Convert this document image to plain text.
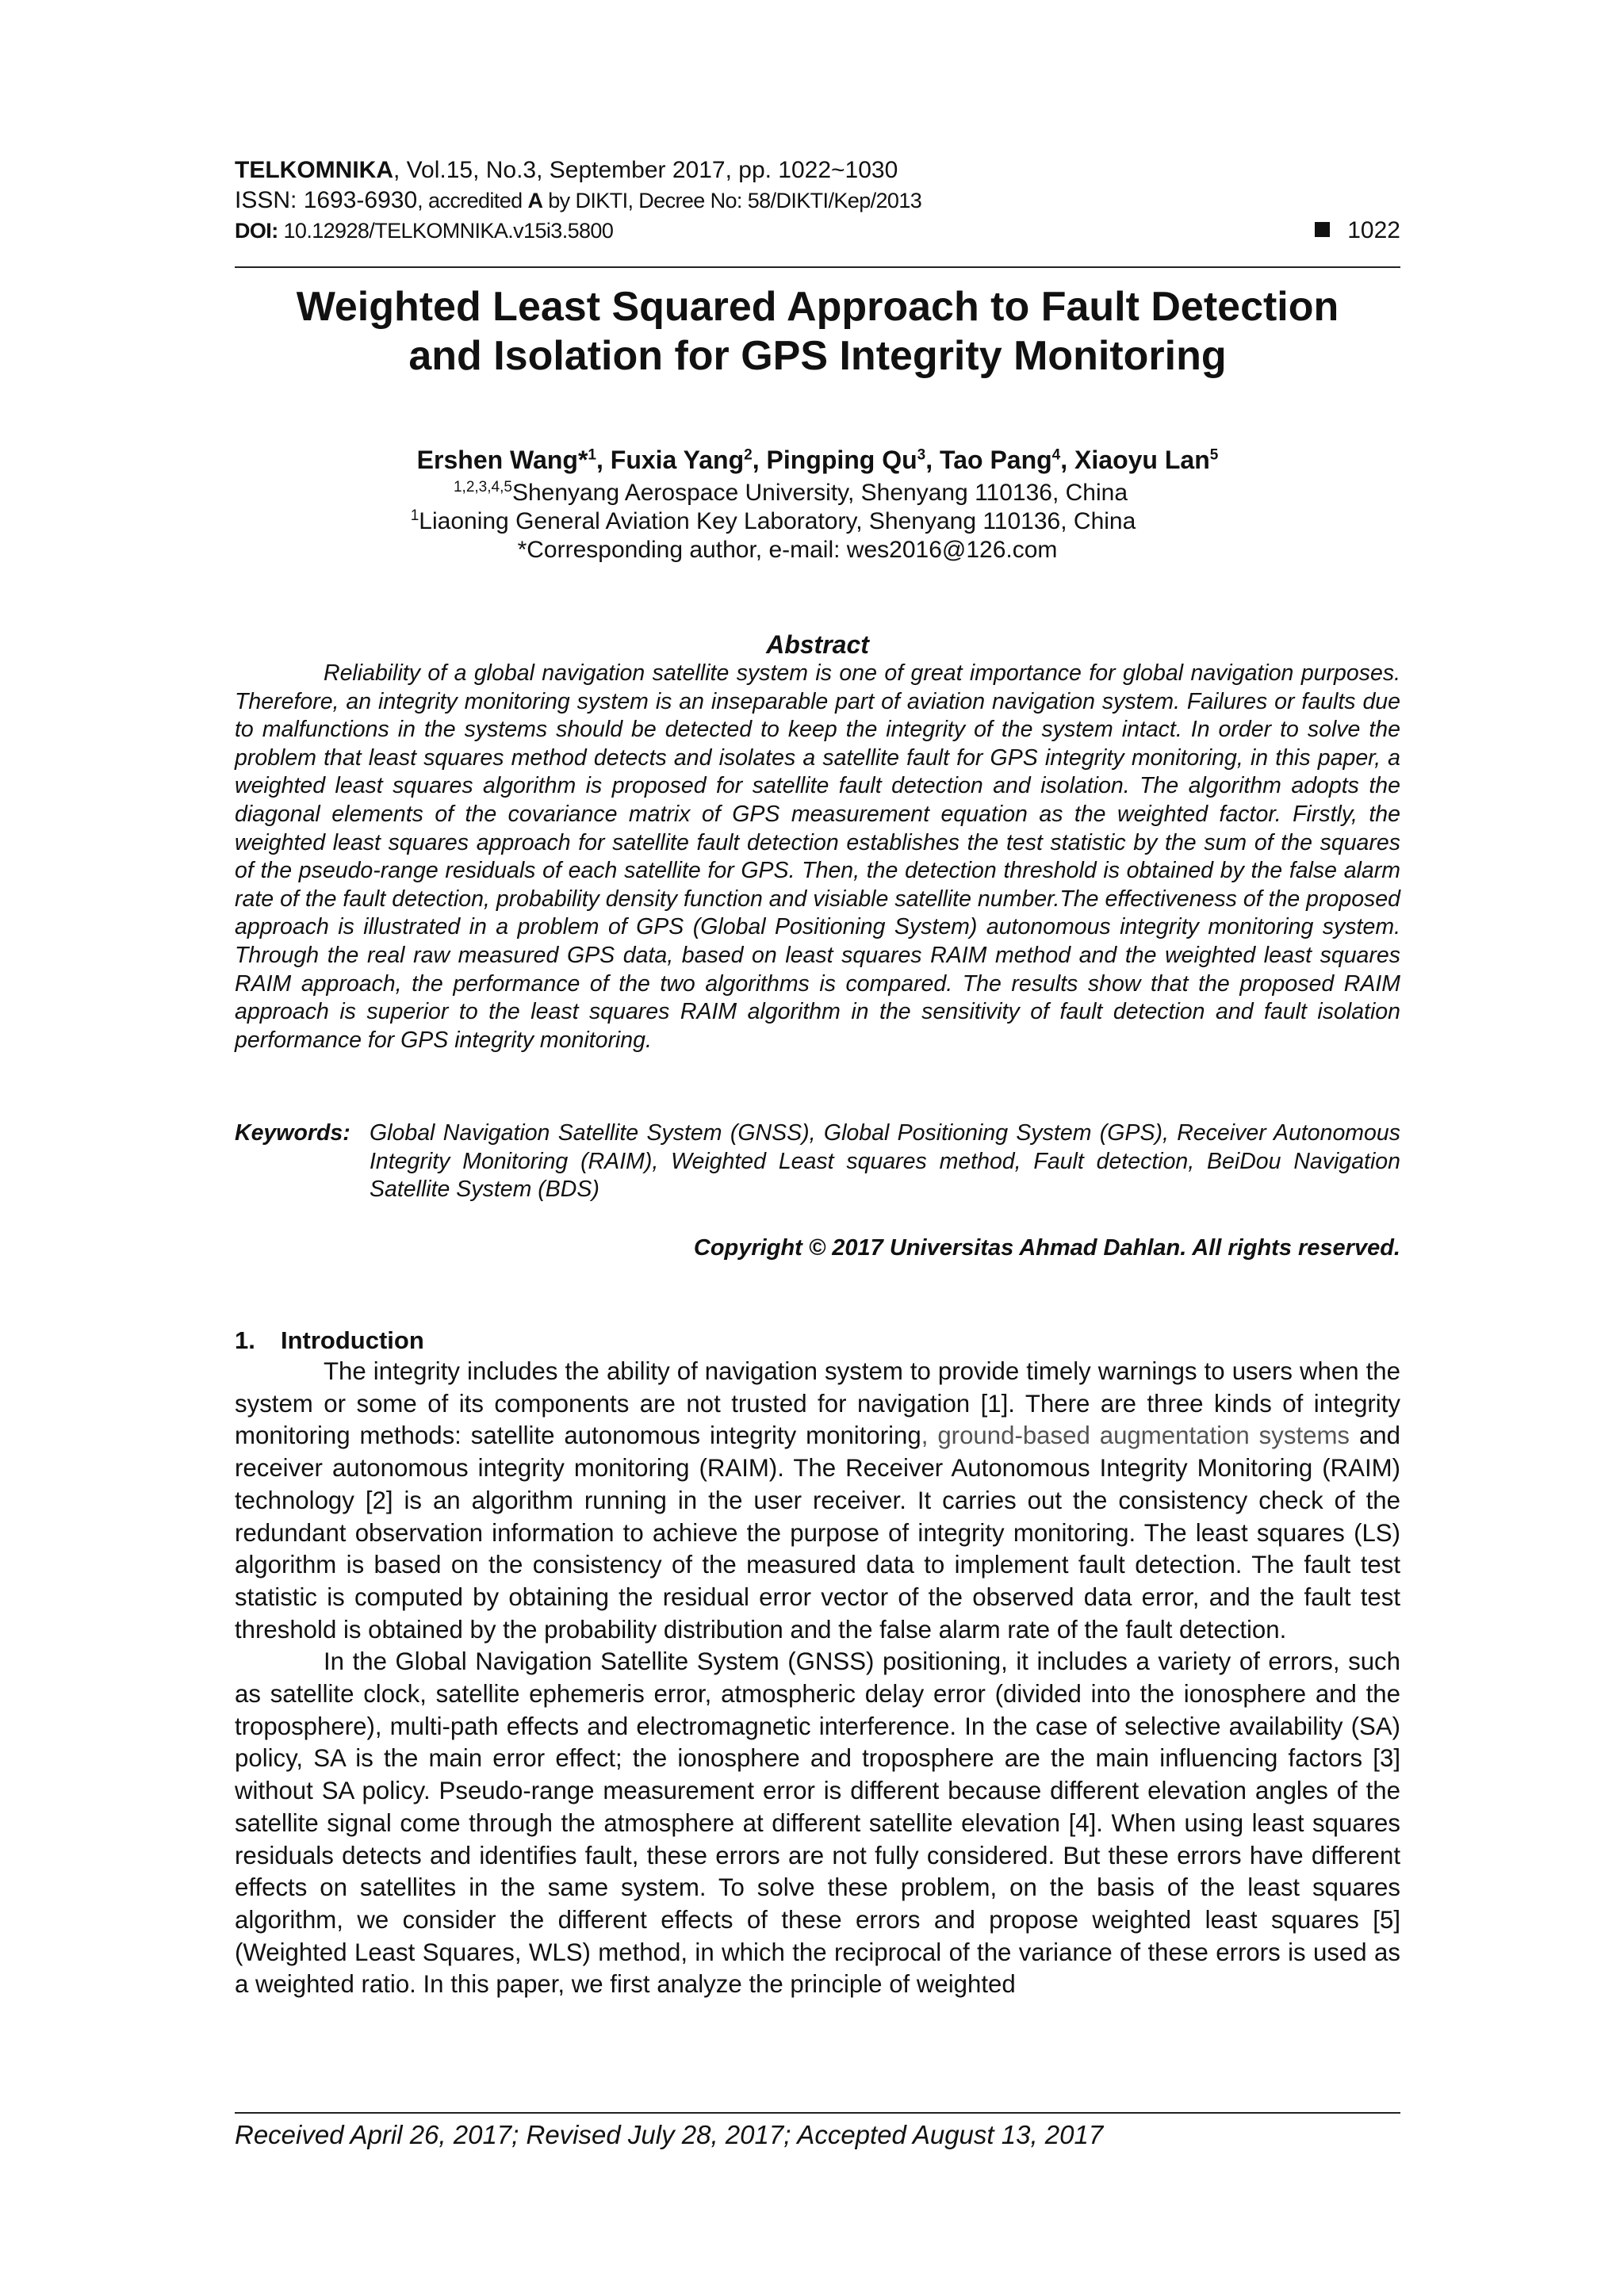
TELKOMNIKA, Vol.15, No.3, September 2017, pp. 1022~1030
ISSN: 1693-6930, accredited A by DIKTI, Decree No: 58/DIKTI/Kep/2013
DOI: 10.12928/TELKOMNIKA.v15i3.5800	1022
Weighted Least Squared Approach to Fault Detection
and Isolation for GPS Integrity Monitoring
Ershen Wang*$^1$, Fuxia Yang$^2$, Pingping Qu$^3$, Tao Pang$^4$, Xiaoyu Lan$^5$
$^{1,2,3,4,5}$Shenyang Aerospace University, Shenyang 110136, China
$^1$Liaoning General Aviation Key Laboratory, Shenyang 110136, China
*Corresponding author, e-mail: wes2016@126.com
Abstract
Reliability of a global navigation satellite system is one of great importance for global navigation purposes. Therefore, an integrity monitoring system is an inseparable part of aviation navigation system. Failures or faults due to malfunctions in the systems should be detected to keep the integrity of the system intact. In order to solve the problem that least squares method detects and isolates a satellite fault for GPS integrity monitoring, in this paper, a weighted least squares algorithm is proposed for satellite fault detection and isolation. The algorithm adopts the diagonal elements of the covariance matrix of GPS measurement equation as the weighted factor. Firstly, the weighted least squares approach for satellite fault detection establishes the test statistic by the sum of the squares of the pseudo-range residuals of each satellite for GPS. Then, the detection threshold is obtained by the false alarm rate of the fault detection, probability density function and visiable satellite number.The effectiveness of the proposed approach is illustrated in a problem of GPS (Global Positioning System) autonomous integrity monitoring system. Through the real raw measured GPS data, based on least squares RAIM method and the weighted least squares RAIM approach, the performance of the two algorithms is compared. The results show that the proposed RAIM approach is superior to the least squares RAIM algorithm in the sensitivity of fault detection and fault isolation performance for GPS integrity monitoring.
Keywords: Global Navigation Satellite System (GNSS), Global Positioning System (GPS), Receiver Autonomous Integrity Monitoring (RAIM), Weighted Least squares method, Fault detection, BeiDou Navigation Satellite System (BDS)
Copyright © 2017 Universitas Ahmad Dahlan. All rights reserved.
1. Introduction

The integrity includes the ability of navigation system to provide timely warnings to users when the system or some of its components are not trusted for navigation [1]. There are three kinds of integrity monitoring methods: satellite autonomous integrity monitoring, ground-based augmentation systems and receiver autonomous integrity monitoring (RAIM). The Receiver Autonomous Integrity Monitoring (RAIM) technology [2] is an algorithm running in the user receiver. It carries out the consistency check of the redundant observation information to achieve the purpose of integrity monitoring. The least squares (LS) algorithm is based on the consistency of the measured data to implement fault detection. The fault test statistic is computed by obtaining the residual error vector of the observed data error, and the fault test threshold is obtained by the probability distribution and the false alarm rate of the fault detection.

In the Global Navigation Satellite System (GNSS) positioning, it includes a variety of errors, such as satellite clock, satellite ephemeris error, atmospheric delay error (divided into the ionosphere and the troposphere), multi-path effects and electromagnetic interference. In the case of selective availability (SA) policy, SA is the main error effect; the ionosphere and troposphere are the main influencing factors [3] without SA policy. Pseudo-range measurement error is different because different elevation angles of the satellite signal come through the atmosphere at different satellite elevation [4]. When using least squares residuals detects and identifies fault, these errors are not fully considered. But these errors have different effects on satellites in the same system. To solve these problem, on the basis of the least squares algorithm, we consider the different effects of these errors and propose weighted least squares [5] (Weighted Least Squares, WLS) method, in which the reciprocal of the variance of these errors is used as a weighted ratio. In this paper, we first analyze the principle of weighted

Received April 26, 2017; Revised July 28, 2017; Accepted August 13, 2017
